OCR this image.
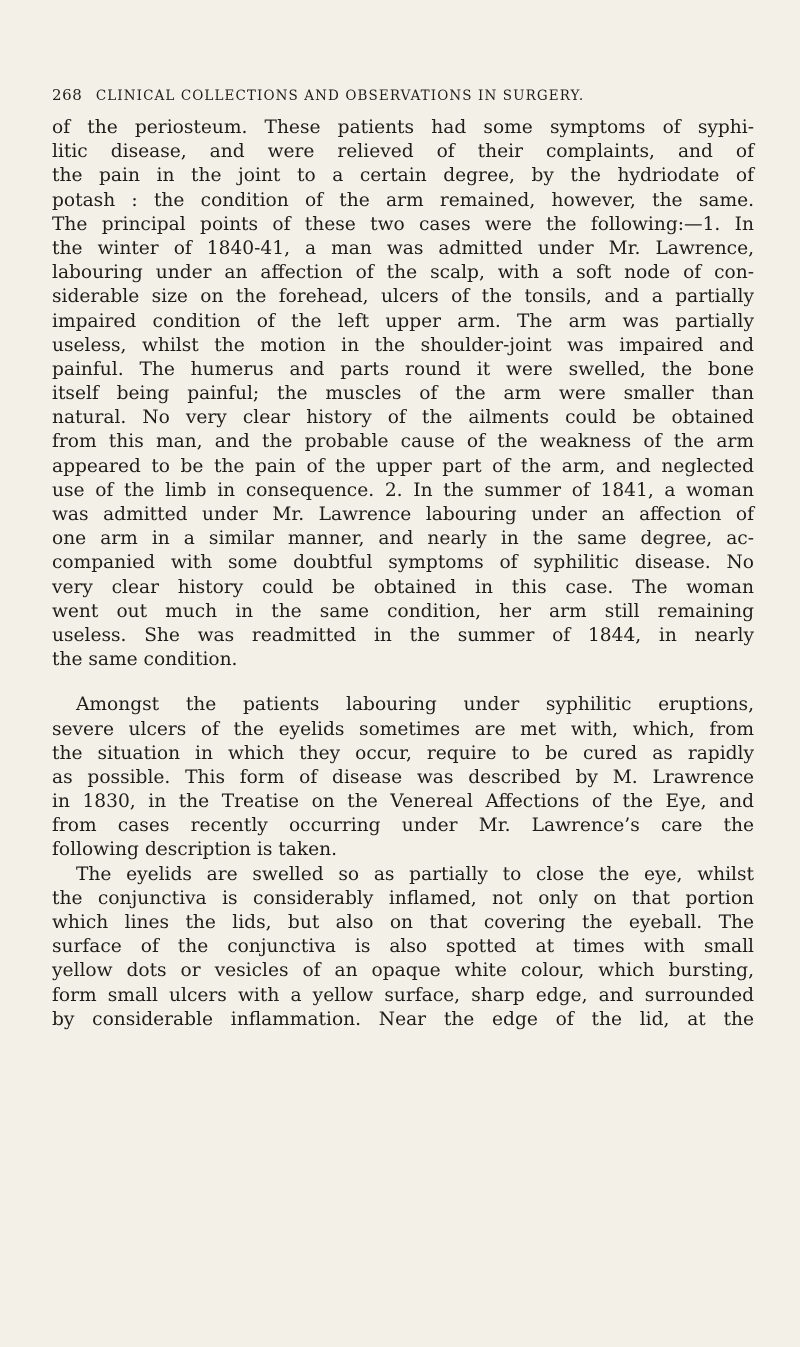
268 CLINICAL COLLECTIONS AND OBSERVATIONS IN SURGERY.
of the periosteum. These patients had some symptoms of syphi-
litic disease, and were relieved of their complaints, and of
the pain in the joint to a certain degree, by the hydriodate of
potash : the condition of the arm remained, however, the same.
The principal points of these two cases were the following:—1. In
the winter of 1840-41, a man was admitted under Mr. Lawrence,
labouring under an affection of the scalp, with a soft node of con-
siderable size on the forehead, ulcers of the tonsils, and a partially
impaired condition of the left upper arm. The arm was partially
useless, whilst the motion in the shoulder-joint was impaired and
painful. The humerus and parts round it were swelled, the bone
itself being painful; the muscles of the arm were smaller than
natural. No very clear history of the ailments could be obtained
from this man, and the probable cause of the weakness of the arm
appeared to be the pain of the upper part of the arm, and neglected
use of the limb in consequence. 2. In the summer of 1841, a woman
was admitted under Mr. Lawrence labouring under an affection of
one arm in a similar manner, and nearly in the same degree, ac-
companied with some doubtful symptoms of syphilitic disease. No
very clear history could be obtained in this case. The woman
went out much in the same condition, her arm still remaining
useless. She was readmitted in the summer of 1844, in nearly
the same condition.
Amongst the patients labouring under syphilitic eruptions,
severe ulcers of the eyelids sometimes are met with, which, from
the situation in which they occur, require to be cured as rapidly
as possible. This form of disease was described by M. Lrawrence
in 1830, in the Treatise on the Venereal Affections of the Eye, and
from cases recently occurring under Mr. Lawrence’s care the
following description is taken.
The eyelids are swelled so as partially to close the eye, whilst
the conjunctiva is considerably inflamed, not only on that portion
which lines the lids, but also on that covering the eyeball. The
surface of the conjunctiva is also spotted at times with small
yellow dots or vesicles of an opaque white colour, which bursting,
form small ulcers with a yellow surface, sharp edge, and surrounded
by considerable inflammation. Near the edge of the lid, at the
